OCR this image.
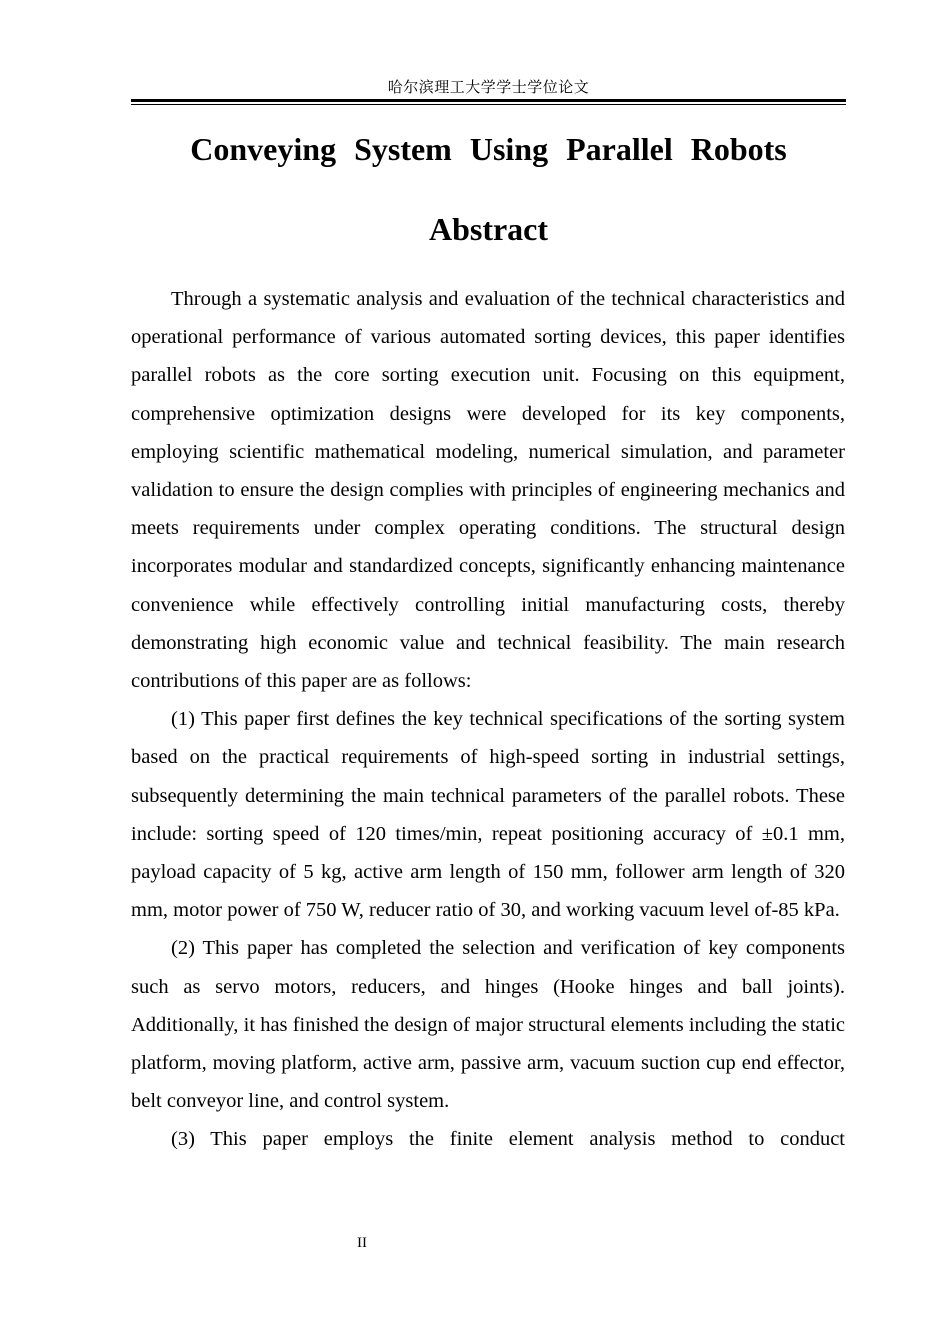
哈尔滨理工大学学士学位论文
Conveying System Using Parallel Robots
Abstract

Through a systematic analysis and evaluation of the technical characteristics and operational performance of various automated sorting devices, this paper identifies parallel robots as the core sorting execution unit. Focusing on this equipment, comprehensive optimization designs were developed for its key components, employing scientific mathematical modeling, numerical simulation, and parameter validation to ensure the design complies with principles of engineering mechanics and meets requirements under complex operating conditions. The structural design incorporates modular and standardized concepts, significantly enhancing maintenance convenience while effectively controlling initial manufacturing costs, thereby demonstrating high economic value and technical feasibility. The main research contributions of this paper are as follows:

(1) This paper first defines the key technical specifications of the sorting system based on the practical requirements of high-speed sorting in industrial settings, subsequently determining the main technical parameters of the parallel robots. These include: sorting speed of 120 times/min, repeat positioning accuracy of ±0.1 mm, payload capacity of 5 kg, active arm length of 150 mm, follower arm length of 320 mm, motor power of 750 W, reducer ratio of 30, and working vacuum level of-85 kPa.

(2) This paper has completed the selection and verification of key components such as servo motors, reducers, and hinges (Hooke hinges and ball joints). Additionally, it has finished the design of major structural elements including the static platform, moving platform, active arm, passive arm, vacuum suction cup end effector, belt conveyor line, and control system.

(3) This paper employs the finite element analysis method to conduct

II
